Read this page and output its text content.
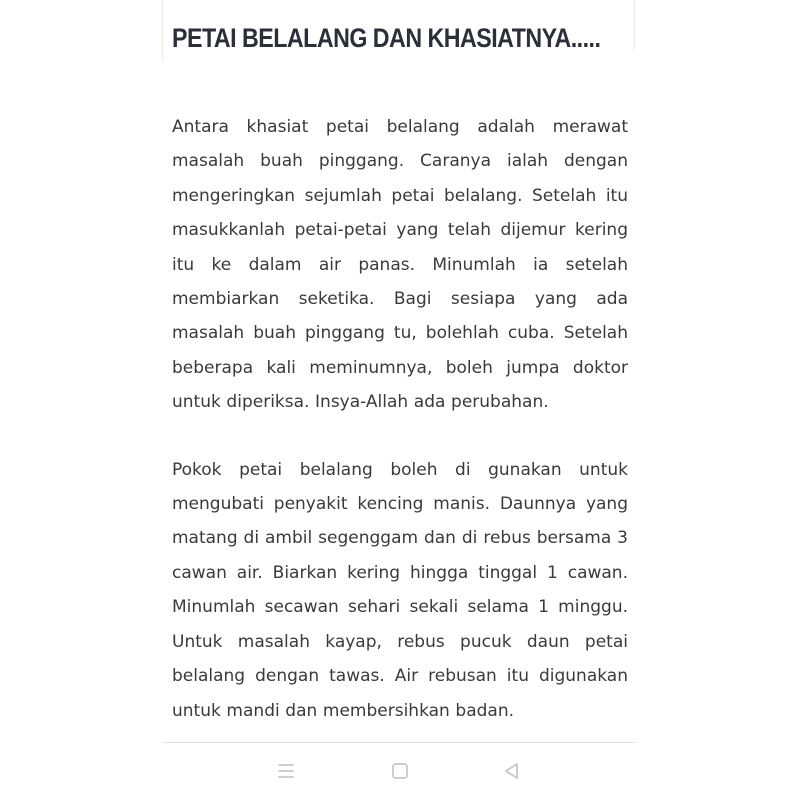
PETAI BELALANG DAN KHASIATNYA.....

Antara khasiat petai belalang adalah merawat masalah buah pinggang. Caranya ialah dengan mengeringkan sejumlah petai belalang. Setelah itu masukkanlah petai-petai yang telah dijemur kering itu ke dalam air panas. Minumlah ia setelah membiarkan seketika. Bagi sesiapa yang ada masalah buah pinggang tu, bolehlah cuba. Setelah beberapa kali meminumnya, boleh jumpa doktor untuk diperiksa. Insya-Allah ada perubahan.

Pokok petai belalang boleh di gunakan untuk mengubati penyakit kencing manis. Daunnya yang matang di ambil segenggam dan di rebus bersama 3 cawan air. Biarkan kering hingga tinggal 1 cawan. Minumlah secawan sehari sekali selama 1 minggu. Untuk masalah kayap, rebus pucuk daun petai belalang dengan tawas. Air rebusan itu digunakan untuk mandi dan membersihkan badan.
